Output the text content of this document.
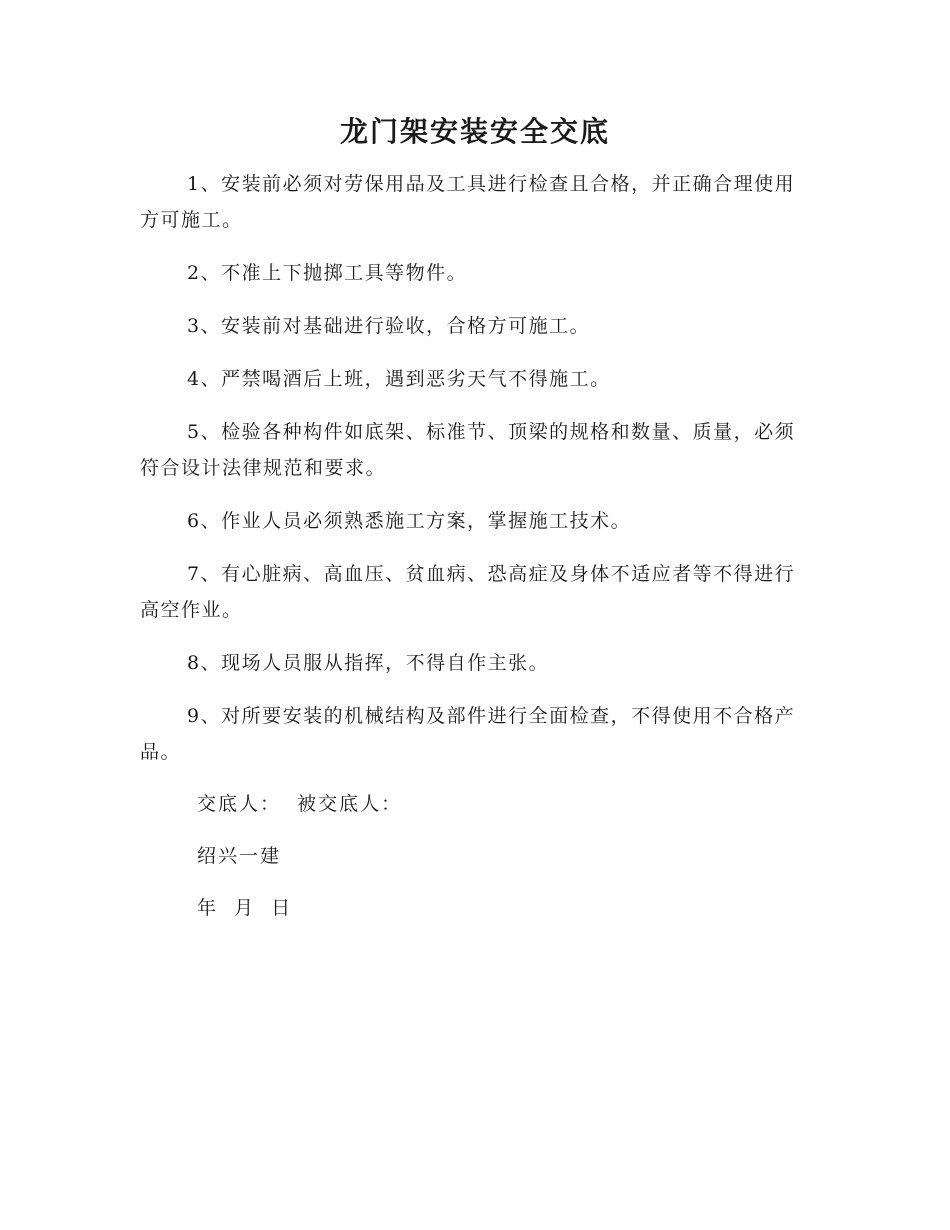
龙门架安装安全交底

1、安装前必须对劳保用品及工具进行检查且合格，并正确合理使用方可施工。

2、不准上下抛掷工具等物件。

3、安装前对基础进行验收，合格方可施工。

4、严禁喝酒后上班，遇到恶劣天气不得施工。

5、检验各种构件如底架、标准节、顶梁的规格和数量、质量，必须符合设计法律规范和要求。

6、作业人员必须熟悉施工方案，掌握施工技术。

7、有心脏病、高血压、贫血病、恐高症及身体不适应者等不得进行高空作业。

8、现场人员服从指挥，不得自作主张。

9、对所要安装的机械结构及部件进行全面检查，不得使用不合格产品。

交底人：  被交底人：
绍兴一建
年  月  日
